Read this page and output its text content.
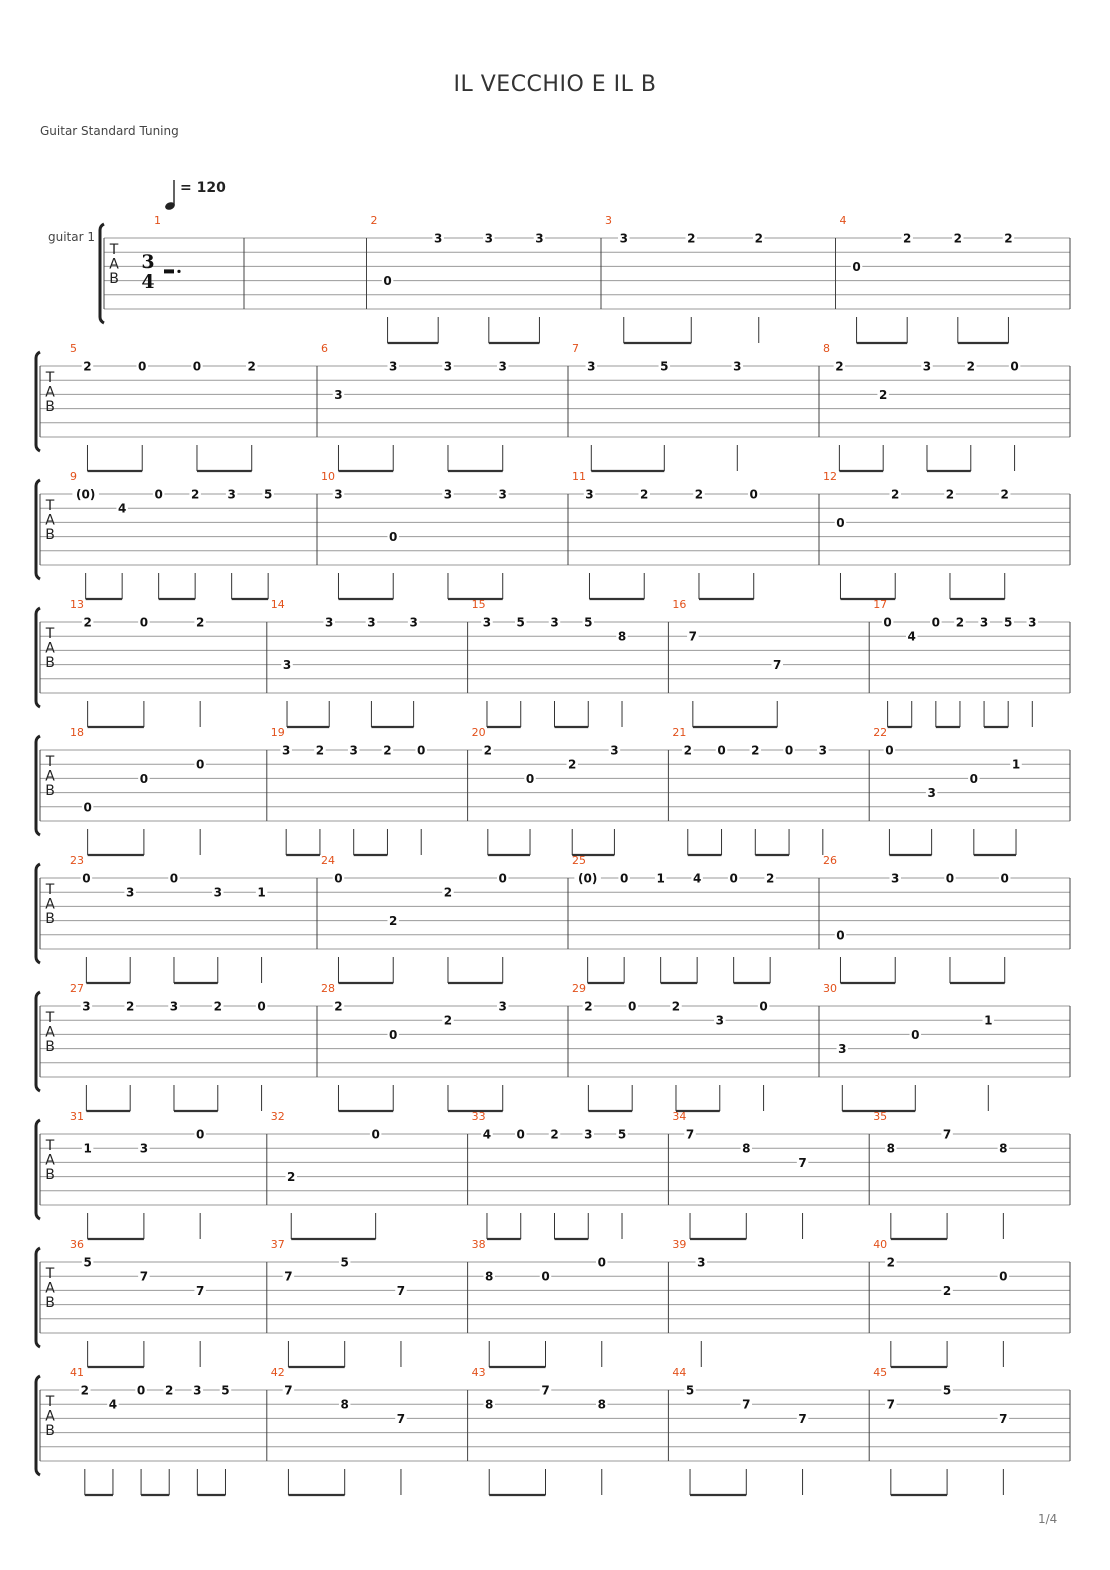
IL VECCHIO E IL B
Guitar Standard Tuning
= 120
1/4
T
A
B
guitar 1
3
4
1	2
0
3	3	3
3
3	2	2
4
0
2	2	2
T
A
B
5
2	0	0	2
6
3
3	3	3
7
3	5	3
8
2
2
3	2	0
T
A
B
9
(0)
4
0 2 3 5
10
3
0
3	3
11
3	2	2	0
12
0
2	2	2
T
A
B
13
2	0	2
14
3
3	3	3
15
3 5 3 5
8
16
7
7
17
0
4
0 2 3 5 3
T
A
B
18
0
0
0
19
3 2 3 2 0
20
2
0
2
3
21
2 0 2 0 3
22
0
3
0
1
T
A
B
23
0
3
0
3	1
24
0
2
2
0
25
(0) 0 1 4 0 2
26
0
3	0	0
T
A
B
27
3	2	3	2	0
28
2
0
2
3
29
2	0	2
3
0
30
3
0
1
T
A
B
31
1	3
0
32
2
0
33
4 0 2 3 5
34
7
8
7
35
8
7
8
T
A
B
36
5
7
7
37
7
5
7
38
8	0
0
39
3
40
2
2
0
T
A
B
41
2
4
0 2 3 5
42
7
8
7
43
8
7
8
44
5
7
7
45
7
5
7
